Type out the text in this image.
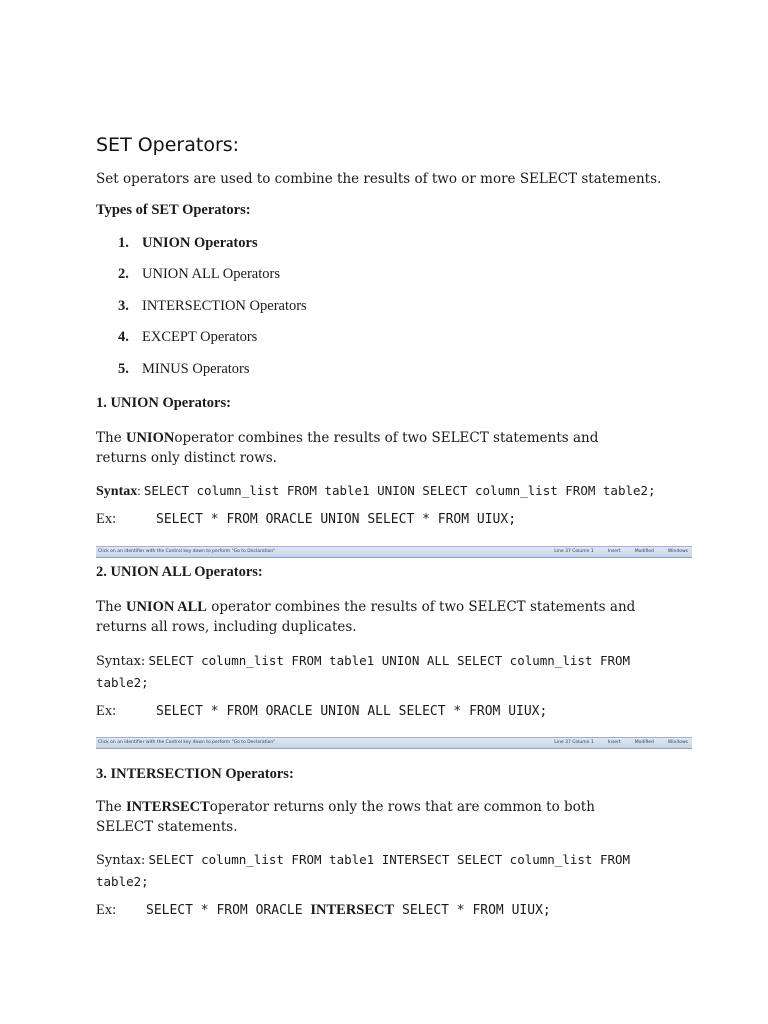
SET Operators:
Set operators are used to combine the results of two or more SELECT statements.
Types of SET Operators:
1. UNION Operators
2. UNION ALL Operators
3. INTERSECTION Operators
4. EXCEPT Operators
5. MINUS Operators
1. UNION Operators:
The UNIONoperator combines the results of two SELECT statements and returns only distinct rows.
Syntax: SELECT column_list FROM table1 UNION SELECT column_list FROM table2;
Ex:	SELECT * FROM ORACLE UNION SELECT * FROM UIUX;
Click on an identifier with the Control key down to perform "Go to Declaration"	Line 37 Column 1	Insert	Modified	Windows
2. UNION ALL Operators:
The UNION ALL operator combines the results of two SELECT statements and returns all rows, including duplicates.
Syntax: SELECT column_list FROM table1 UNION ALL SELECT column_list FROM table2;
Ex:	SELECT * FROM ORACLE UNION ALL SELECT * FROM UIUX;
Click on an identifier with the Control key down to perform "Go to Declaration"	Line 37 Column 1	Insert	Modified	Windows
3. INTERSECTION Operators:
The INTERSECToperator returns only the rows that are common to both SELECT statements.
Syntax: SELECT column_list FROM table1 INTERSECT SELECT column_list FROM table2;
Ex: SELECT * FROM ORACLE INTERSECT SELECT * FROM UIUX;
